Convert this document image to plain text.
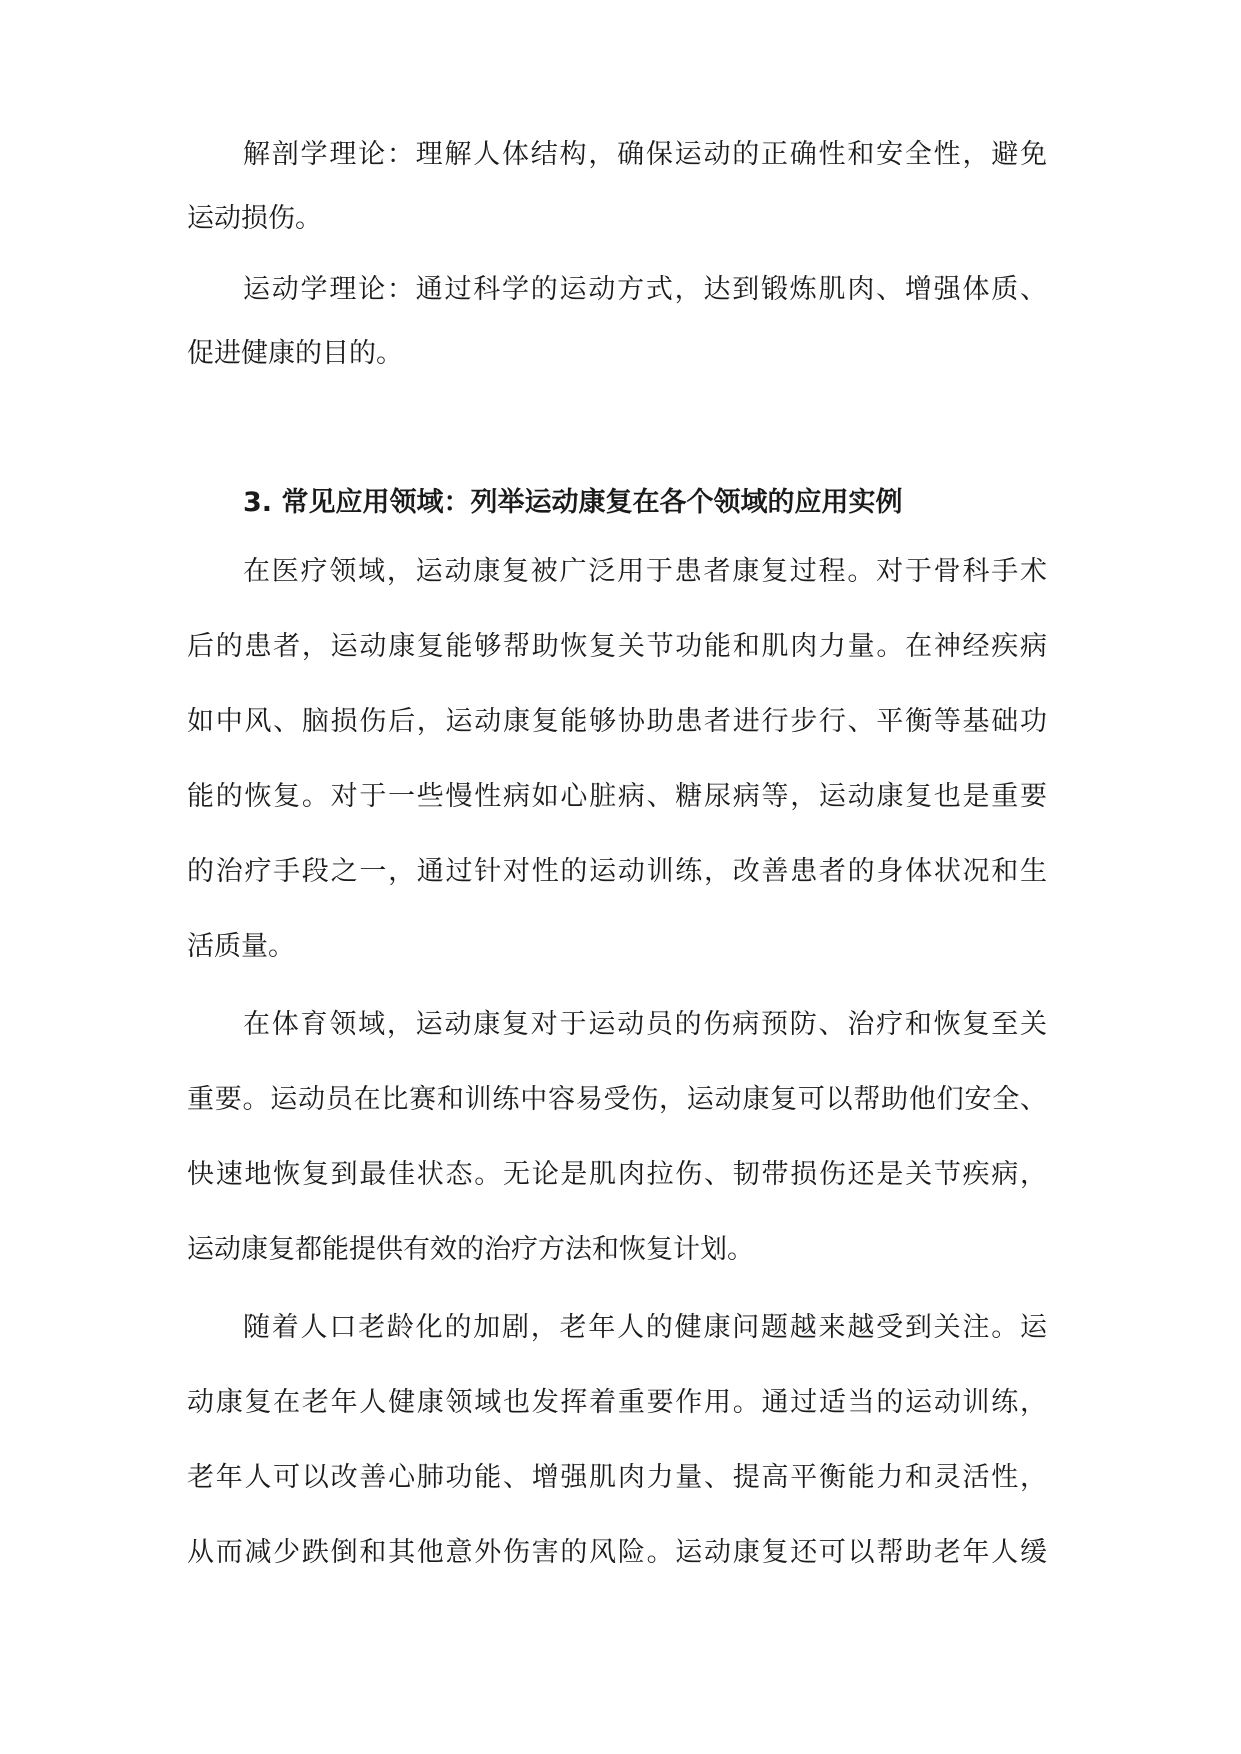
解剖学理论：理解人体结构，确保运动的正确性和安全性，避免
运动损伤。
运动学理论：通过科学的运动方式，达到锻炼肌肉、增强体质、
促进健康的目的。
3. 常见应用领域：列举运动康复在各个领域的应用实例
在医疗领域，运动康复被广泛用于患者康复过程。对于骨科手术
后的患者，运动康复能够帮助恢复关节功能和肌肉力量。在神经疾病
如中风、脑损伤后，运动康复能够协助患者进行步行、平衡等基础功
能的恢复。对于一些慢性病如心脏病、糖尿病等，运动康复也是重要
的治疗手段之一，通过针对性的运动训练，改善患者的身体状况和生
活质量。
在体育领域，运动康复对于运动员的伤病预防、治疗和恢复至关
重要。运动员在比赛和训练中容易受伤，运动康复可以帮助他们安全、
快速地恢复到最佳状态。无论是肌肉拉伤、韧带损伤还是关节疾病，
运动康复都能提供有效的治疗方法和恢复计划。
随着人口老龄化的加剧，老年人的健康问题越来越受到关注。运
动康复在老年人健康领域也发挥着重要作用。通过适当的运动训练，
老年人可以改善心肺功能、增强肌肉力量、提高平衡能力和灵活性，
从而减少跌倒和其他意外伤害的风险。运动康复还可以帮助老年人缓
